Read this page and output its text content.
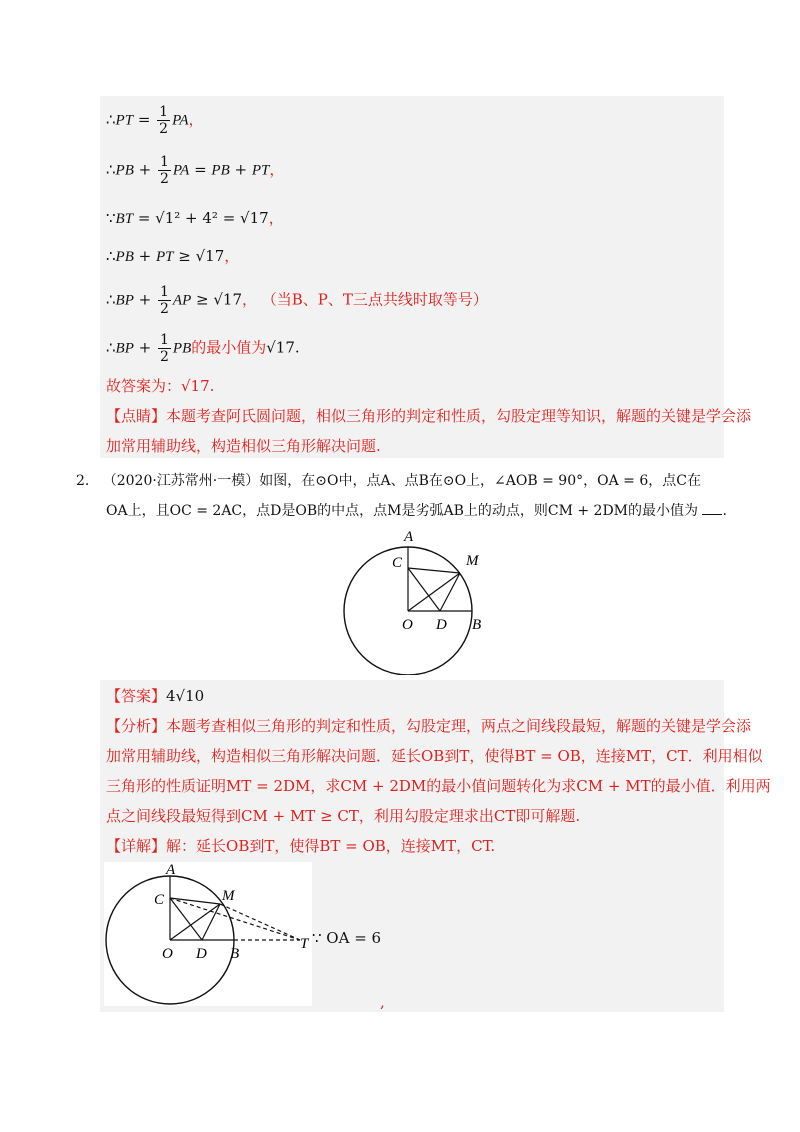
∴PT = $\frac{1}{2}$ PA，
∴PB + $\frac{1}{2}$ PA = PB + PT，
∵BT = √1² + 4² = √17，
∴PB + PT ≥ √17，
∴BP + $\frac{1}{2}$ AP ≥ √17， （当B、P、T三点共线时取等号）
∴BP + $\frac{1}{2}$ PB的最小值为√17.
故答案为：√17.
【点睛】本题考查阿氏圆问题，相似三角形的判定和性质，勾股定理等知识，解题的关键是学会添
加常用辅助线，构造相似三角形解决问题.
2. （2020·江苏常州·一模）如图，在⊙O中，点A、点B在⊙O上，∠AOB = 90°，OA = 6，点C在
OA上，且OC = 2AC，点D是OB的中点，点M是劣弧AB上的动点，则CM + 2DM的最小值为 .
A
C	M
O D B
【答案】4√10
【分析】本题考查相似三角形的判定和性质，勾股定理，两点之间线段最短，解题的关键是学会添
加常用辅助线，构造相似三角形解决问题．延长OB到T，使得BT = OB，连接MT，CT．利用相似
三角形的性质证明MT = 2DM，求CM + 2DM的最小值问题转化为求CM + MT的最小值．利用两
点之间线段最短得到CM + MT ≥ CT，利用勾股定理求出CT即可解题.
【详解】解：延长OB到T，使得BT = OB，连接MT，CT.
A
C	M
O D B
T ∵ OA = 6
,
